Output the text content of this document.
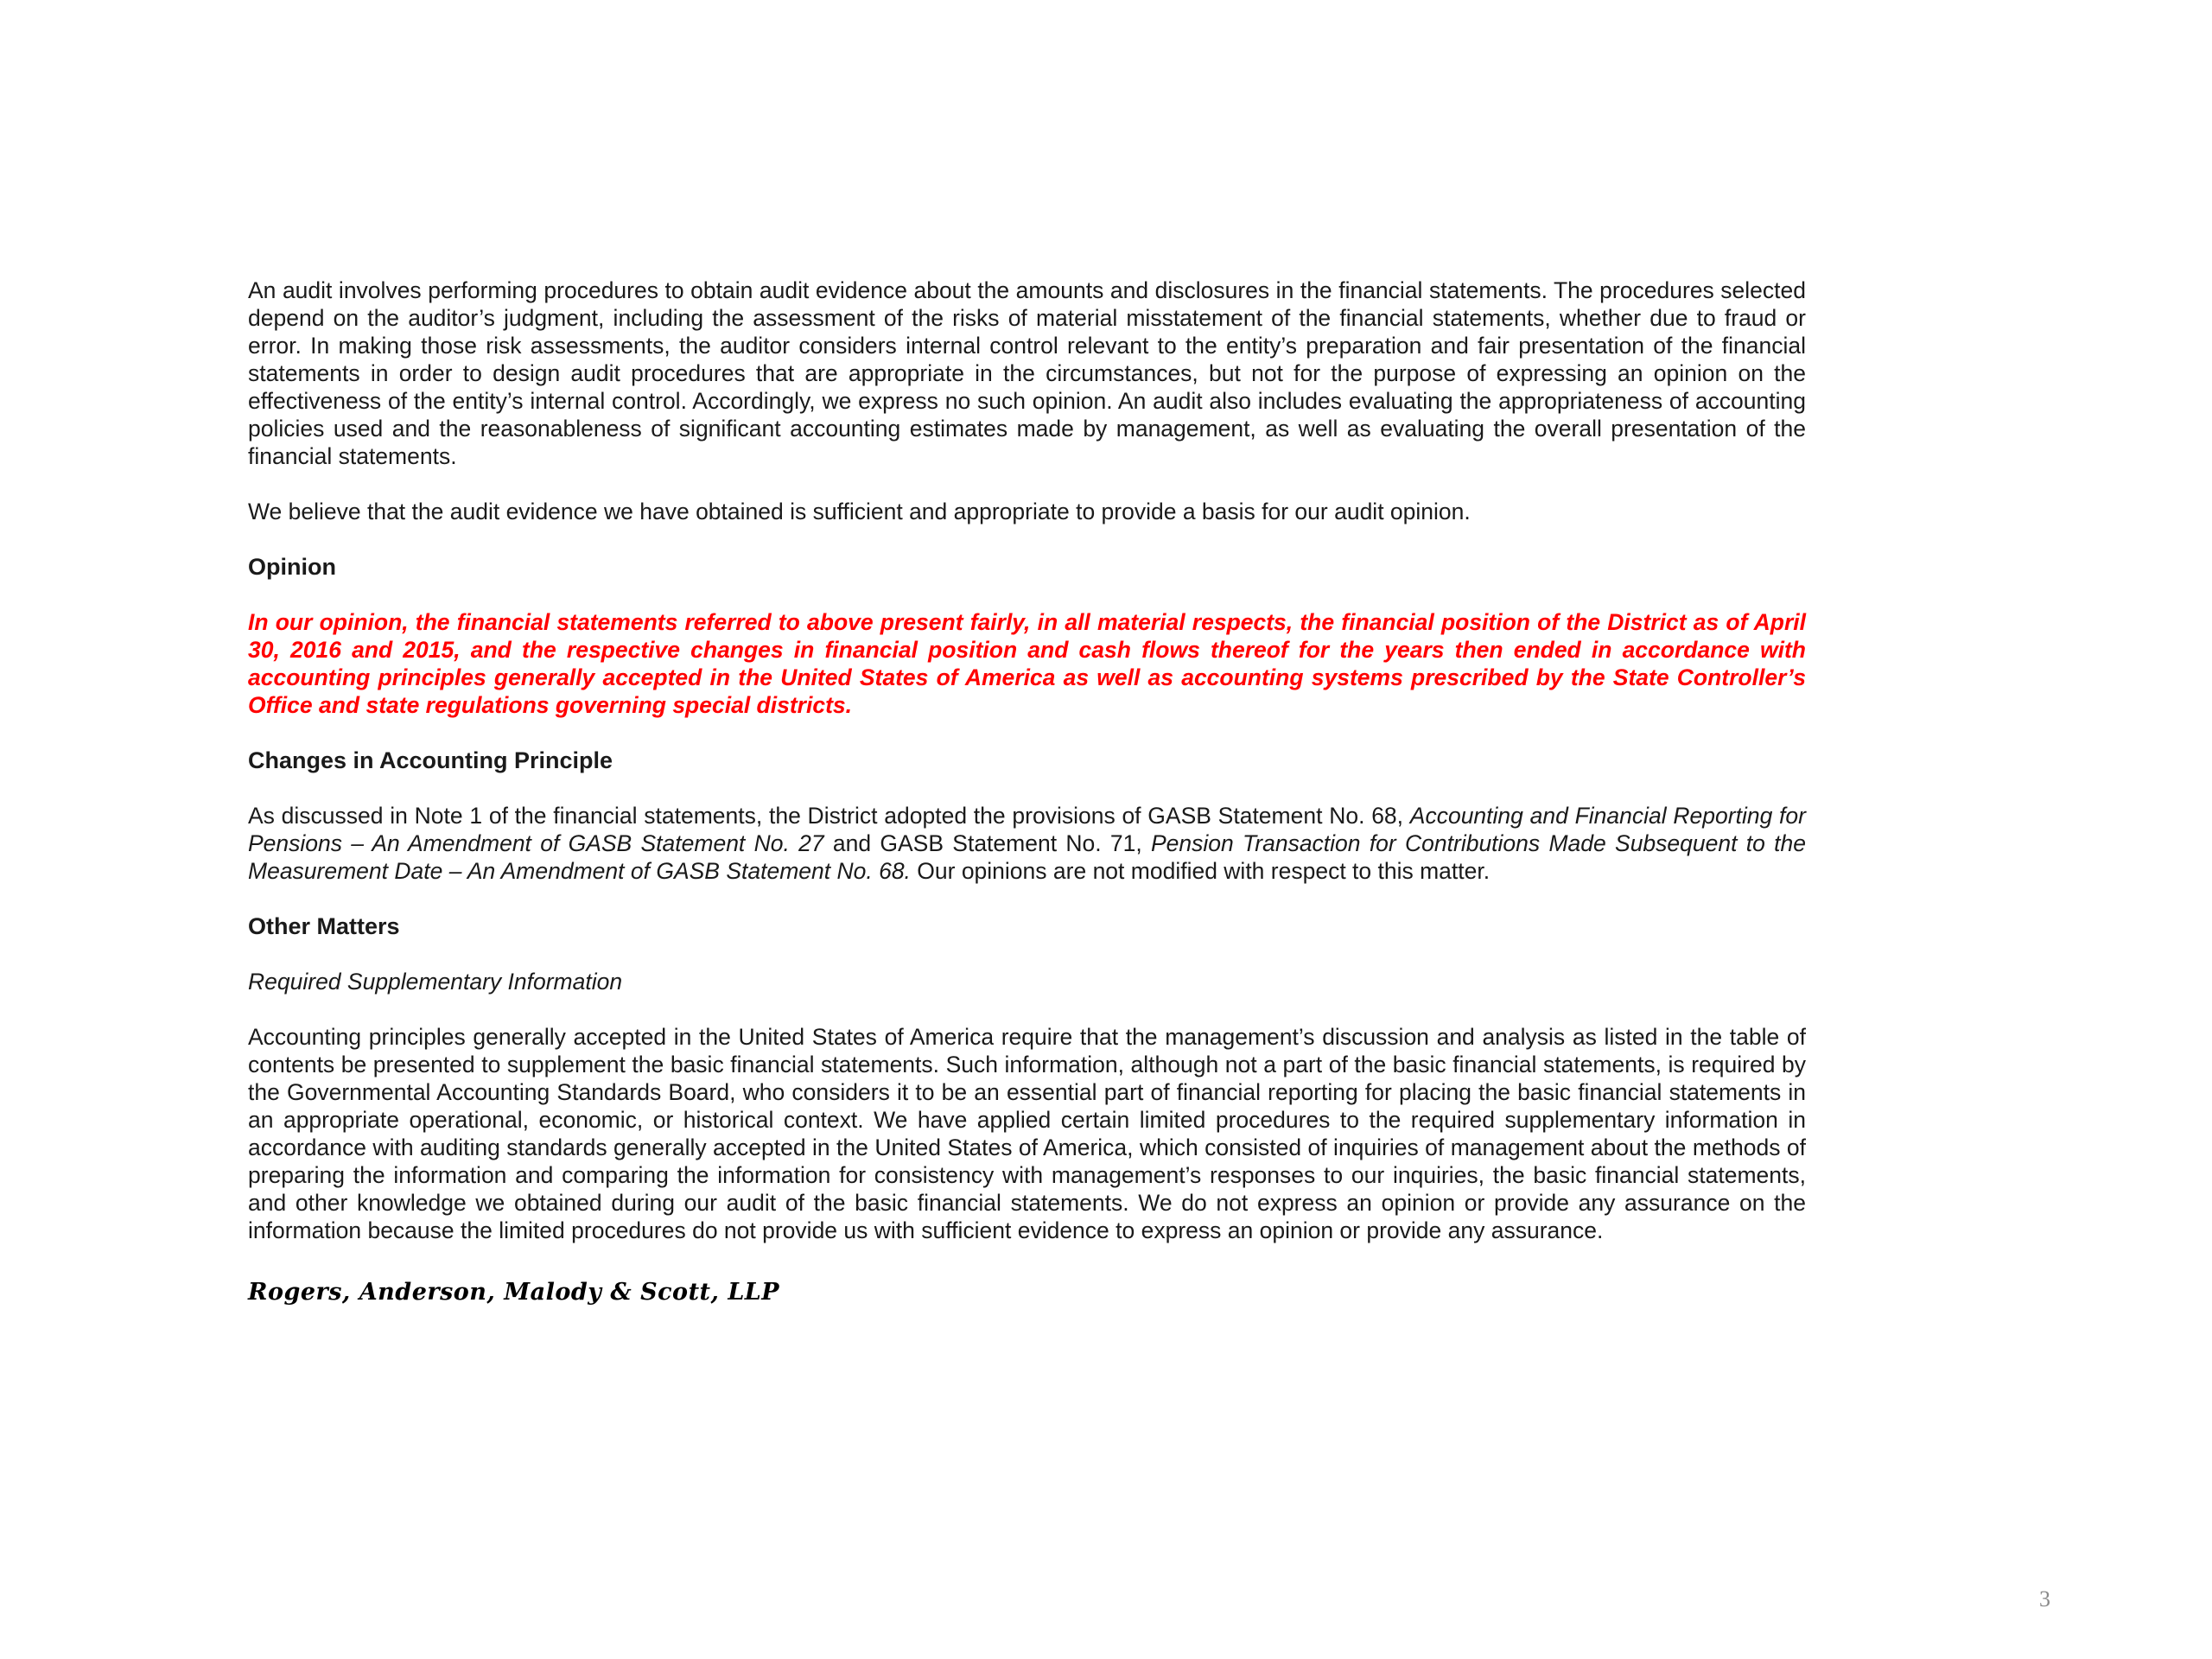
An audit involves performing procedures to obtain audit evidence about the amounts and disclosures in the financial statements. The procedures selected depend on the auditor’s judgment, including the assessment of the risks of material misstatement of the financial statements, whether due to fraud or error. In making those risk assessments, the auditor considers internal control relevant to the entity’s preparation and fair presentation of the financial statements in order to design audit procedures that are appropriate in the circumstances, but not for the purpose of expressing an opinion on the effectiveness of the entity’s internal control. Accordingly, we express no such opinion. An audit also includes evaluating the appropriateness of accounting policies used and the reasonableness of significant accounting estimates made by management, as well as evaluating the overall presentation of the financial statements.

We believe that the audit evidence we have obtained is sufficient and appropriate to provide a basis for our audit opinion.

Opinion

In our opinion, the financial statements referred to above present fairly, in all material respects, the financial position of the District as of April 30, 2016 and 2015, and the respective changes in financial position and cash flows thereof for the years then ended in accordance with accounting principles generally accepted in the United States of America as well as accounting systems prescribed by the State Controller’s Office and state regulations governing special districts.

Changes in Accounting Principle

As discussed in Note 1 of the financial statements, the District adopted the provisions of GASB Statement No. 68, Accounting and Financial Reporting for Pensions – An Amendment of GASB Statement No. 27 and GASB Statement No. 71, Pension Transaction for Contributions Made Subsequent to the Measurement Date – An Amendment of GASB Statement No. 68. Our opinions are not modified with respect to this matter.

Other Matters
Required Supplementary Information

Accounting principles generally accepted in the United States of America require that the management’s discussion and analysis as listed in the table of contents be presented to supplement the basic financial statements. Such information, although not a part of the basic financial statements, is required by the Governmental Accounting Standards Board, who considers it to be an essential part of financial reporting for placing the basic financial statements in an appropriate operational, economic, or historical context. We have applied certain limited procedures to the required supplementary information in accordance with auditing standards generally accepted in the United States of America, which consisted of inquiries of management about the methods of preparing the information and comparing the information for consistency with management’s responses to our inquiries, the basic financial statements, and other knowledge we obtained during our audit of the basic financial statements. We do not express an opinion or provide any assurance on the information because the limited procedures do not provide us with sufficient evidence to express an opinion or provide any assurance.

Rogers, Anderson, Malody & Scott, LLP
3
